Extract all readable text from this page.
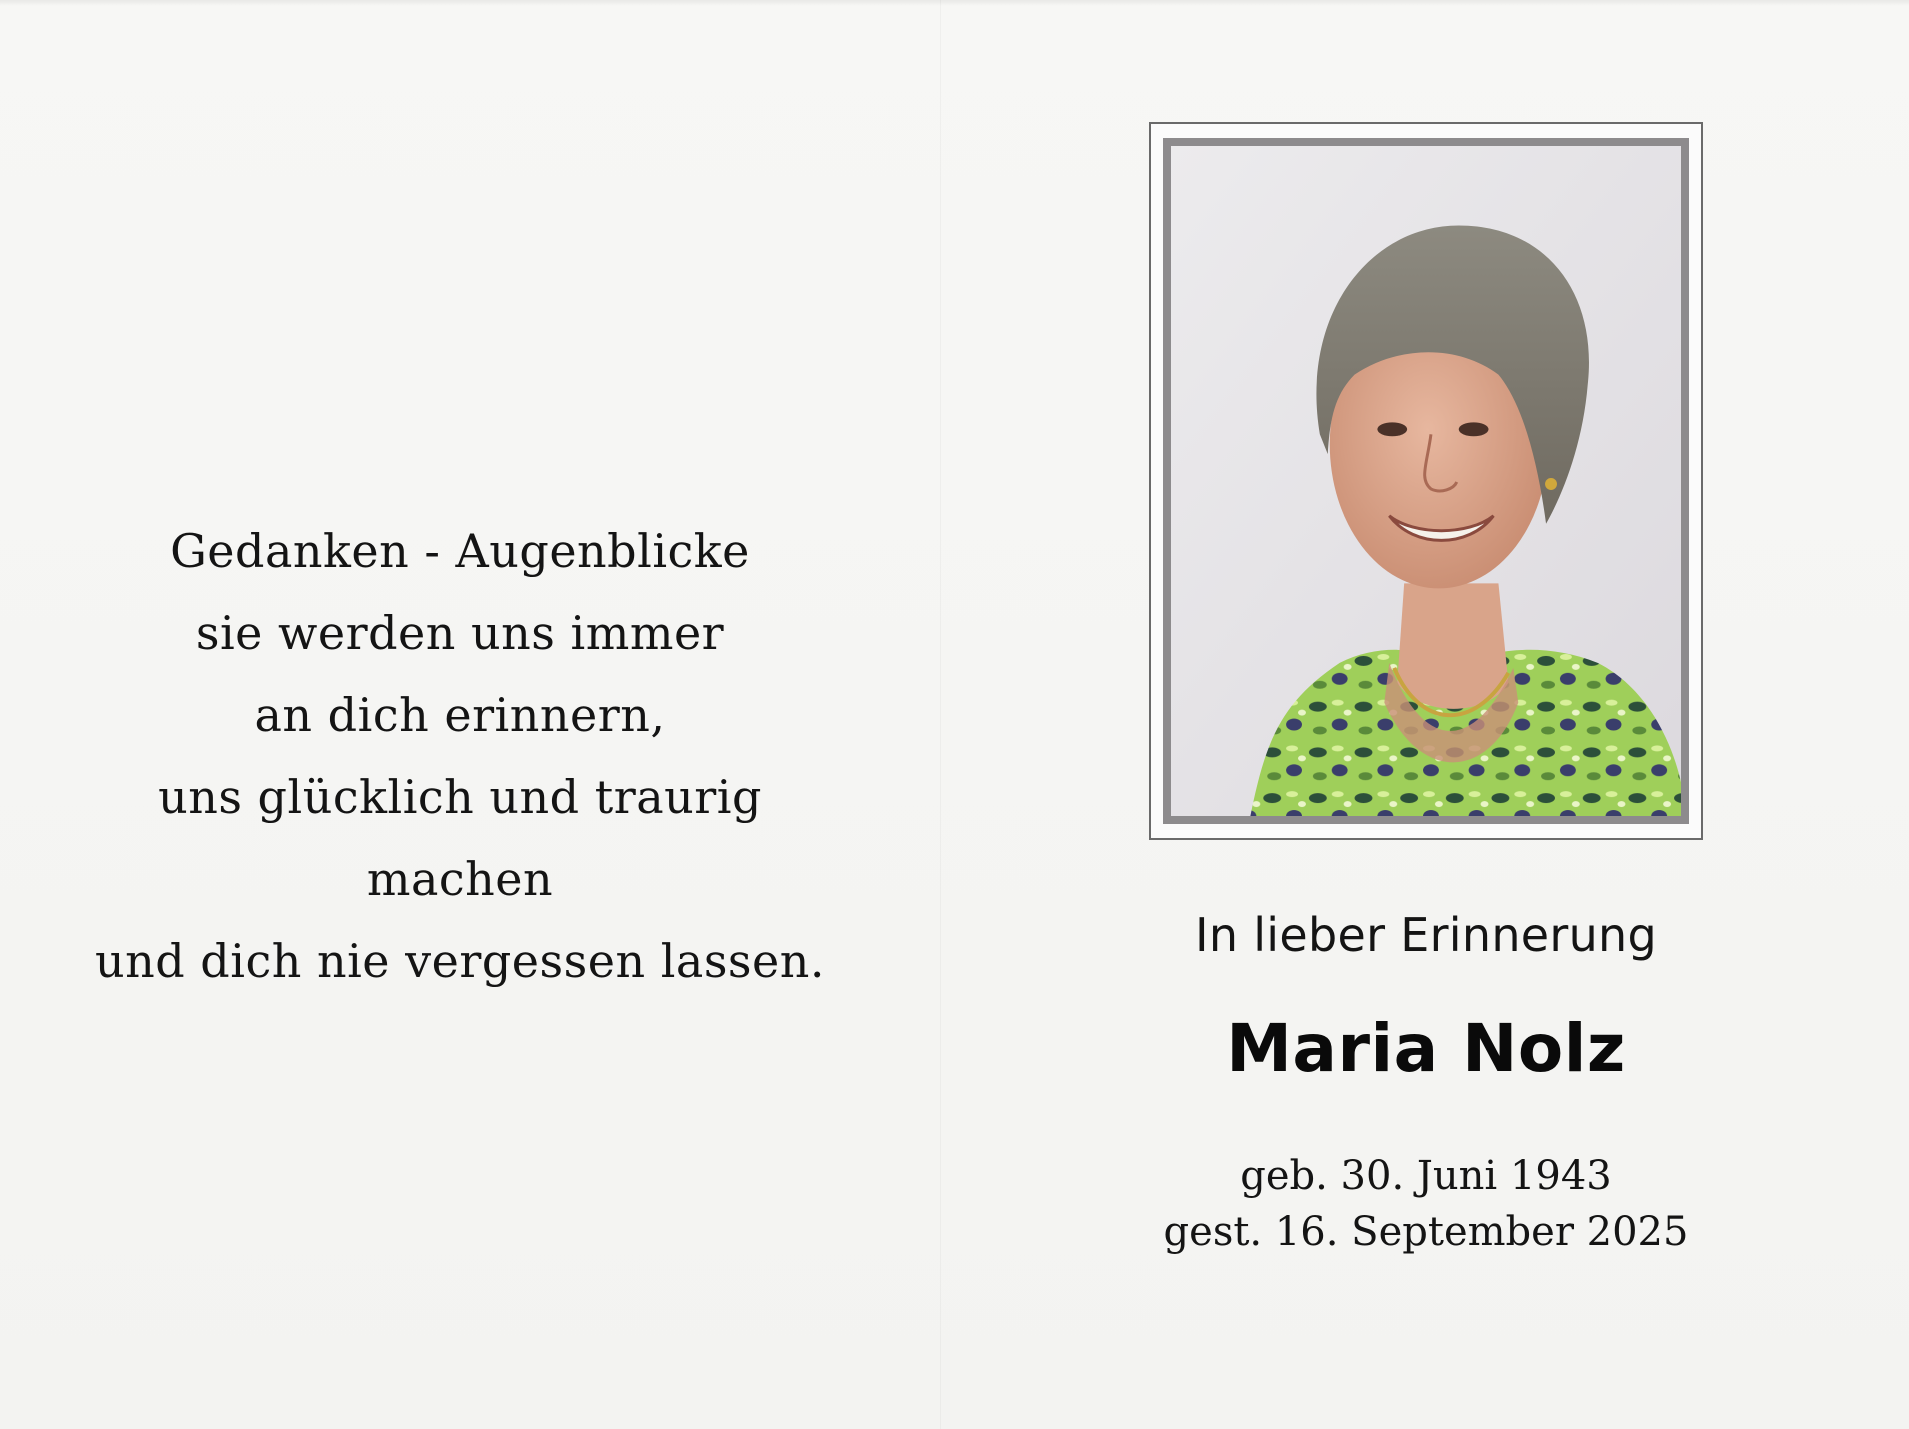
Gedanken - Augenblicke
sie werden uns immer
an dich erinnern,
uns glücklich und traurig machen
und dich nie vergessen lassen.	In lieber Erinnerung
Maria Nolz
geb. 30. Juni 1943
gest. 16. September 2025
